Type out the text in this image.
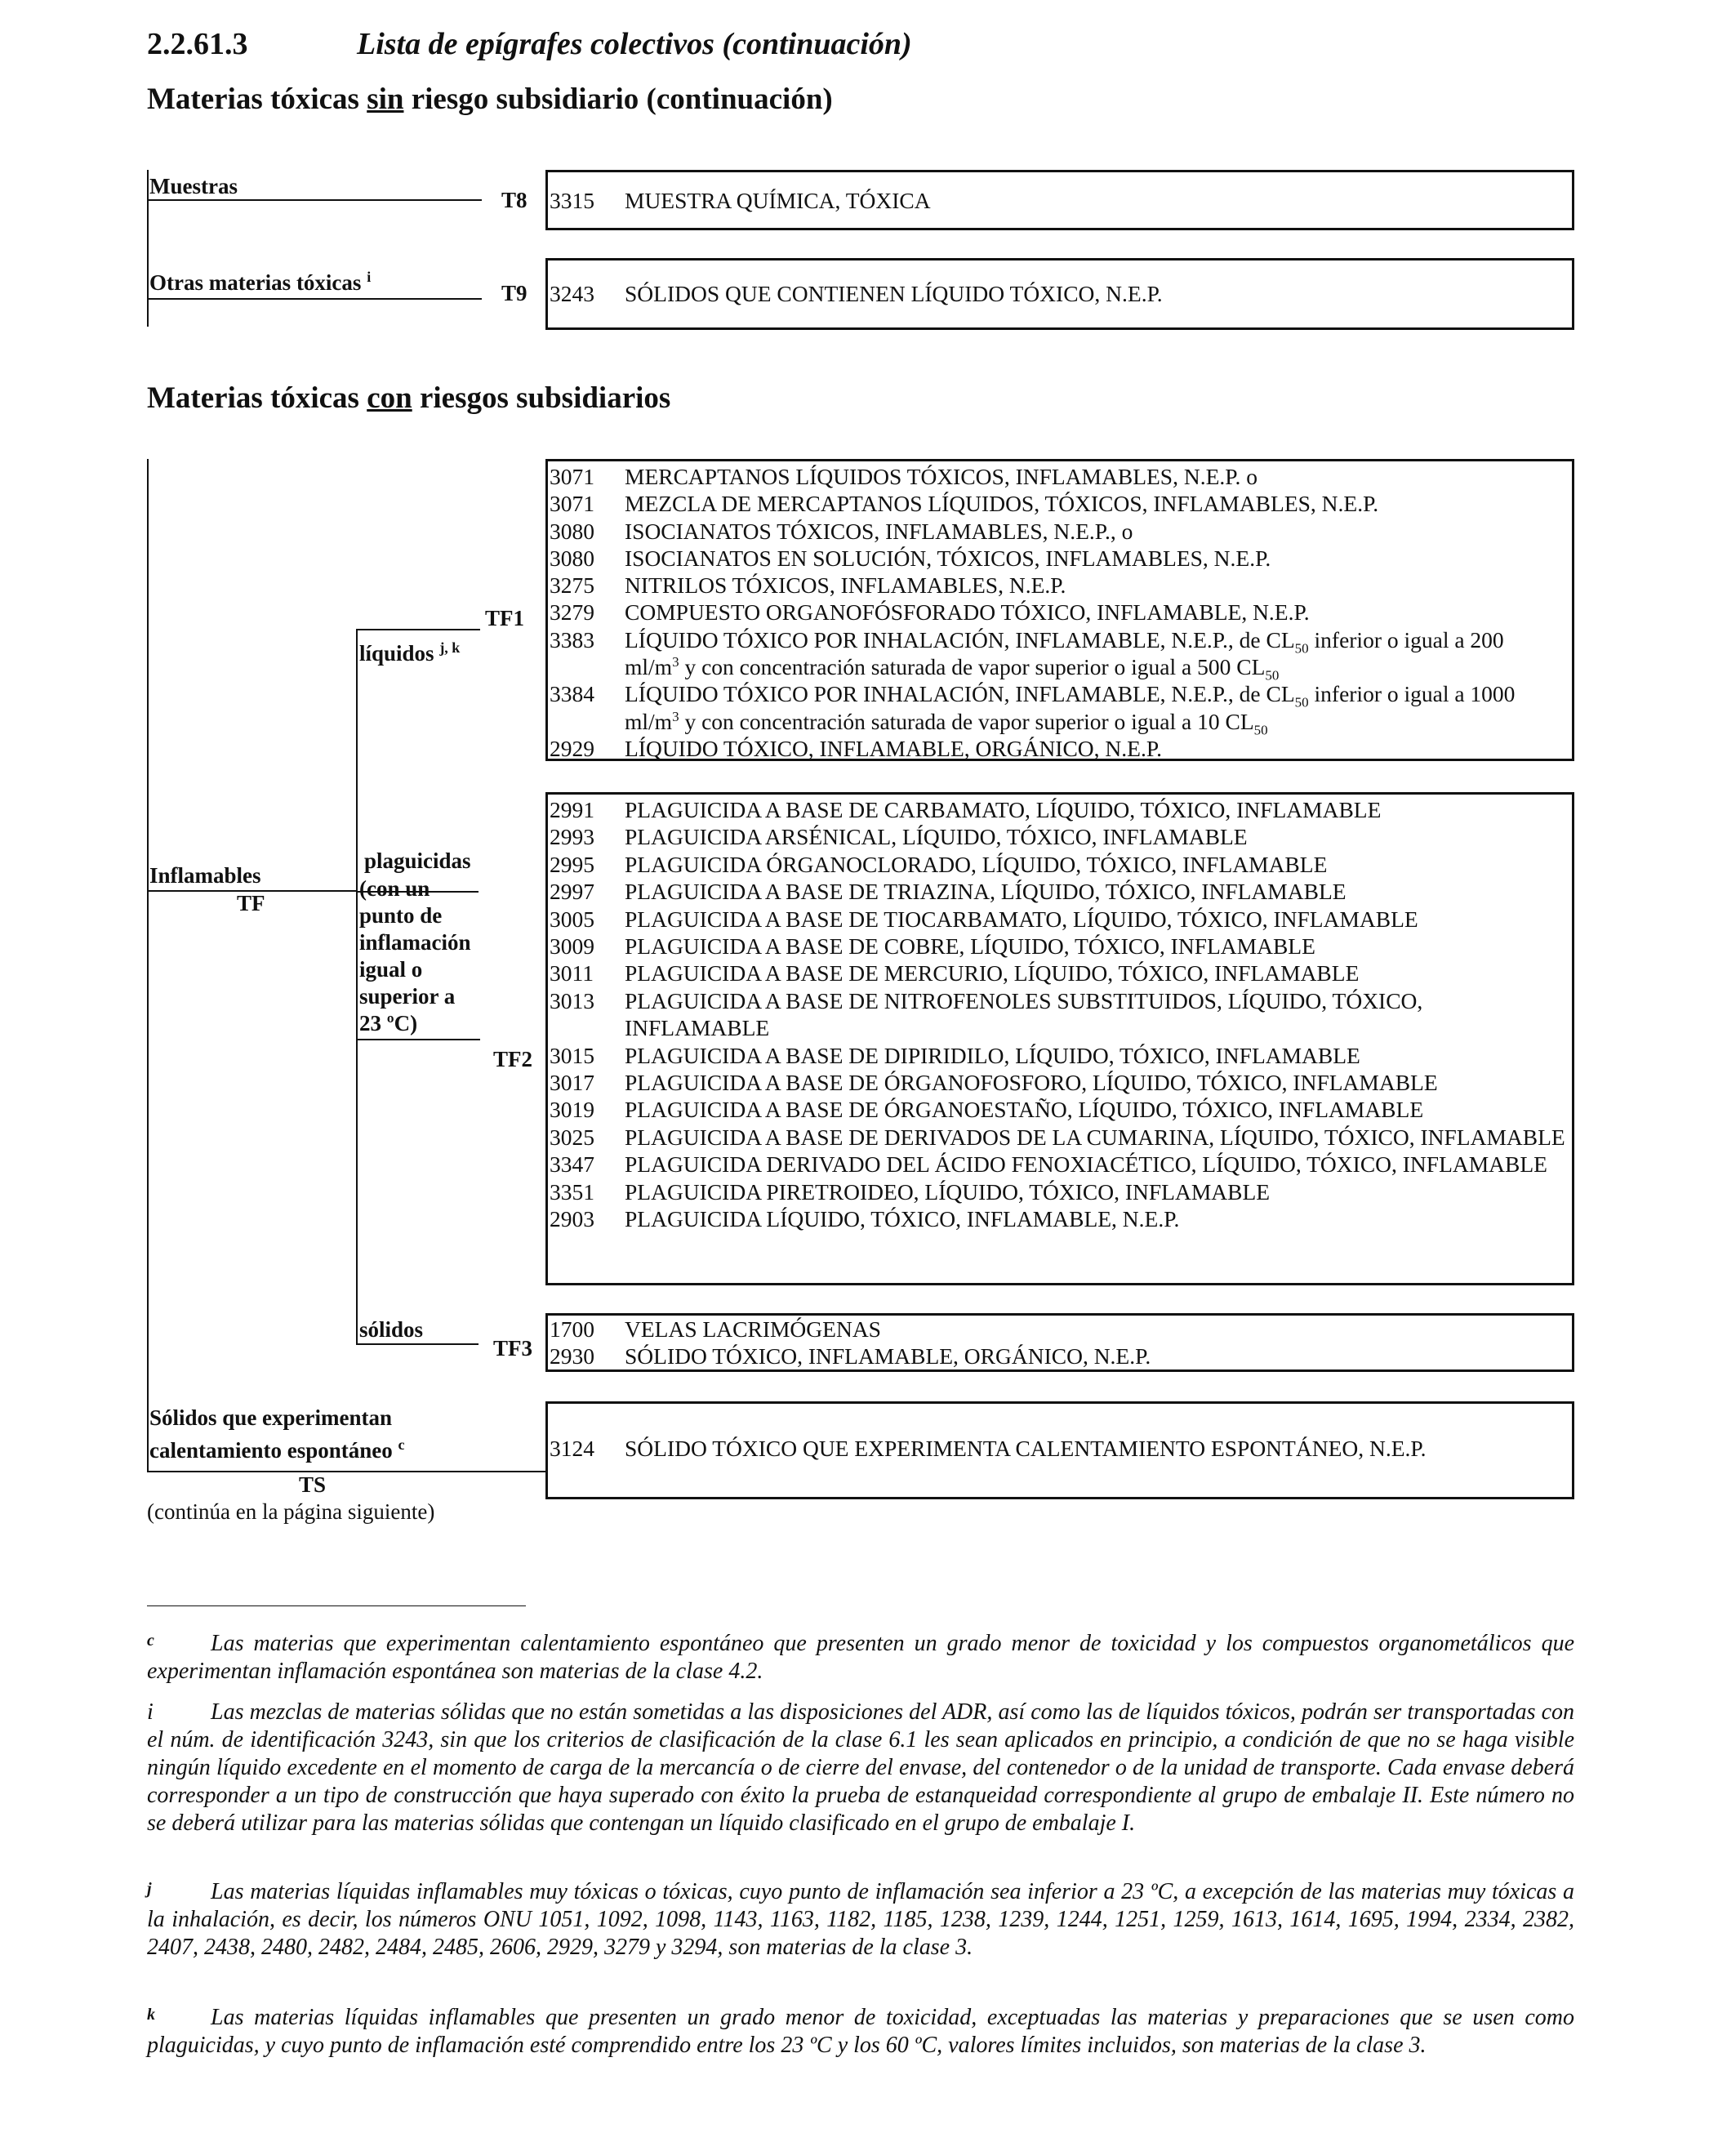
2.2.61.3	Lista de epígrafes colectivos (continuación)
Materias tóxicas sin riesgo subsidiario (continuación)
Muestras
T8 3315	MUESTRA QUÍMICA, TÓXICA
Otras materias tóxicas $^i$
T9 3243	SÓLIDOS QUE CONTIENEN LÍQUIDO TÓXICO, N.E.P.
Materias tóxicas con riesgos subsidiarios
Inflamables
TF
líquidos $^{j, k}$
TF1
3071	MERCAPTANOS LÍQUIDOS TÓXICOS, INFLAMABLES, N.E.P. o
3071	MEZCLA DE MERCAPTANOS LÍQUIDOS, TÓXICOS, INFLAMABLES, N.E.P.
3080	ISOCIANATOS TÓXICOS, INFLAMABLES, N.E.P., o
3080	ISOCIANATOS EN SOLUCIÓN, TÓXICOS, INFLAMABLES, N.E.P.
3275	NITRILOS TÓXICOS, INFLAMABLES, N.E.P.
3279	COMPUESTO ORGANOFÓSFORADO TÓXICO, INFLAMABLE, N.E.P.
3383	LÍQUIDO TÓXICO POR INHALACIÓN, INFLAMABLE, N.E.P., de $CL_{50}$ inferior o igual a 200
$ml/m^3$ y con concentración saturada de vapor superior o igual a 500 $CL_{50}$
3384	LÍQUIDO TÓXICO POR INHALACIÓN, INFLAMABLE, N.E.P., de $CL_{50}$ inferior o igual a 1000
$ml/m^3$ y con concentración saturada de vapor superior o igual a 10 $CL_{50}$
2929	LÍQUIDO TÓXICO, INFLAMABLE, ORGÁNICO, N.E.P.
plaguicidas
(con un
punto de
inflamación
igual o
superior a
23 ºC)
TF2
2991	PLAGUICIDA A BASE DE CARBAMATO, LÍQUIDO, TÓXICO, INFLAMABLE
2993	PLAGUICIDA ARSÉNICAL, LÍQUIDO, TÓXICO, INFLAMABLE
2995	PLAGUICIDA ÓRGANOCLORADO, LÍQUIDO, TÓXICO, INFLAMABLE
2997	PLAGUICIDA A BASE DE TRIAZINA, LÍQUIDO, TÓXICO, INFLAMABLE
3005	PLAGUICIDA A BASE DE TIOCARBAMATO, LÍQUIDO, TÓXICO, INFLAMABLE
3009	PLAGUICIDA A BASE DE COBRE, LÍQUIDO, TÓXICO, INFLAMABLE
3011	PLAGUICIDA A BASE DE MERCURIO, LÍQUIDO, TÓXICO, INFLAMABLE
3013	PLAGUICIDA A BASE DE NITROFENOLES SUBSTITUIDOS, LÍQUIDO, TÓXICO, INFLAMABLE
3015	PLAGUICIDA A BASE DE DIPIRIDILO, LÍQUIDO, TÓXICO, INFLAMABLE
3017	PLAGUICIDA A BASE DE ÓRGANOFOSFORO, LÍQUIDO, TÓXICO, INFLAMABLE
3019	PLAGUICIDA A BASE DE ÓRGANOESTAÑO, LÍQUIDO, TÓXICO, INFLAMABLE
3025	PLAGUICIDA A BASE DE DERIVADOS DE LA CUMARINA, LÍQUIDO, TÓXICO, INFLAMABLE
3347	PLAGUICIDA DERIVADO DEL ÁCIDO FENOXIACÉTICO, LÍQUIDO, TÓXICO, INFLAMABLE
3351	PLAGUICIDA PIRETROIDEO, LÍQUIDO, TÓXICO, INFLAMABLE
2903	PLAGUICIDA LÍQUIDO, TÓXICO, INFLAMABLE, N.E.P.
sólidos
TF3
1700	VELAS LACRIMÓGENAS
2930	SÓLIDO TÓXICO, INFLAMABLE, ORGÁNICO, N.E.P.
Sólidos que experimentan
calentamiento espontáneo $^c$
TS
(continúa en la página siguiente)
3124	SÓLIDO TÓXICO QUE EXPERIMENTA CALENTAMIENTO ESPONTÁNEO, N.E.P.
c	Las materias que experimentan calentamiento espontáneo que presenten un grado menor de toxicidad y los compuestos organometálicos que experimentan inflamación espontánea son materias de la clase 4.2.

i	Las mezclas de materias sólidas que no están sometidas a las disposiciones del ADR, así como las de líquidos tóxicos, podrán ser transportadas con el núm. de identificación 3243, sin que los criterios de clasificación de la clase 6.1 les sean aplicados en principio, a condición de que no se haga visible ningún líquido excedente en el momento de carga de la mercancía o de cierre del envase, del contenedor o de la unidad de transporte. Cada envase deberá corresponder a un tipo de construcción que haya superado con éxito la prueba de estanqueidad correspondiente al grupo de embalaje II. Este número no se deberá utilizar para las materias sólidas que contengan un líquido clasificado en el grupo de embalaje I.

j	Las materias líquidas inflamables muy tóxicas o tóxicas, cuyo punto de inflamación sea inferior a 23 ºC, a excepción de las materias muy tóxicas a la inhalación, es decir, los números ONU 1051, 1092, 1098, 1143, 1163, 1182, 1185, 1238, 1239, 1244, 1251, 1259, 1613, 1614, 1695, 1994, 2334, 2382, 2407, 2438, 2480, 2482, 2484, 2485, 2606, 2929, 3279 y 3294, son materias de la clase 3.

k	Las materias líquidas inflamables que presenten un grado menor de toxicidad, exceptuadas las materias y preparaciones que se usen como plaguicidas, y cuyo punto de inflamación esté comprendido entre los 23 ºC y los 60 ºC, valores límites incluidos, son materias de la clase 3.
